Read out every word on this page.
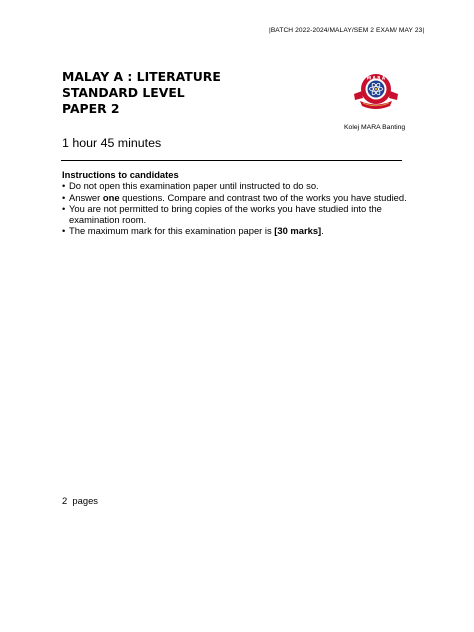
|BATCH 2022-2024/MALAY/SEM 2 EXAM/ MAY 23|
MALAY A : LITERATURE
STANDARD LEVEL
PAPER 2
M A R A
Kolej MARA Banting
1 hour 45 minutes
Instructions to candidates
• Do not open this examination paper until instructed to do so.
• Answer one questions. Compare and contrast two of the works you have studied.
• You are not permitted to bring copies of the works you have studied into the examination room.
• The maximum mark for this examination paper is [30 marks].
2  pages
